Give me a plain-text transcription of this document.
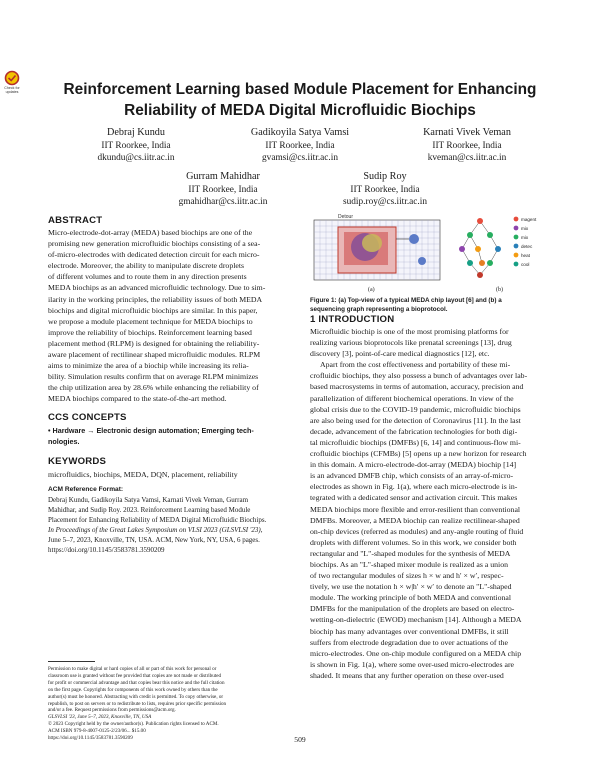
Check for updates	Reinforcement Learning based Module Placement for Enhancing
Reliability of MEDA Digital Microfluidic Biochips
Debraj Kundu
IIT Roorkee, India
dkundu@cs.iitr.ac.in
Gadikoyila Satya Vamsi
IIT Roorkee, India
gvamsi@cs.iitr.ac.in
Karnati Vivek Veman
IIT Roorkee, India
kveman@cs.iitr.ac.in
Gurram Mahidhar
IIT Roorkee, India
gmahidhar@cs.iitr.ac.in
Sudip Roy
IIT Roorkee, India
sudip.roy@cs.iitr.ac.in
ABSTRACT

Micro-electrode-dot-array (MEDA) based biochips are one of the

promising new generation microfluidic biochips consisting of a sea-

of-micro-electrodes with dedicated detection circuit for each micro-

electrode. Moreover, the ability to manipulate discrete droplets

of different volumes and to route them in any direction presents

MEDA biochips as an advanced microfluidic technology. Due to sim-

ilarity in the working principles, the reliability issues of both MEDA

biochips and digital microfluidic biochips are similar. In this paper,

we propose a module placement technique for MEDA biochips to

improve the reliability of biochips. Reinforcement learning based

placement method (RLPM) is designed for obtaining the reliability-

aware placement of rectilinear shaped microfluidic modules. RLPM

aims to minimize the area of a biochip while increasing its relia-

bility. Simulation results confirm that on average RLPM minimizes

the chip utilization area by 28.6% while enhancing the reliability of

MEDA biochips compared to the state-of-the-art method.

CCS CONCEPTS

• Hardware → Electronic design automation; Emerging tech-

nologies.

KEYWORDS
microfluidics, biochips, MEDA, DQN, placement, reliability
ACM Reference Format:
Debraj Kundu, Gadikoyila Satya Vamsi, Karnati Vivek Veman, Gurram
Mahidhar, and Sudip Roy. 2023. Reinforcement Learning based Module
Placement for Enhancing Reliability of MEDA Digital Microfluidic Biochips.
In Proceedings of the Great Lakes Symposium on VLSI 2023 (GLSVLSI '23),
June 5–7, 2023, Knoxville, TN, USA. ACM, New York, NY, USA, 6 pages.
https://doi.org/10.1145/3583781.3590209
Permission to make digital or hard copies of all or part of this work for personal or
classroom use is granted without fee provided that copies are not made or distributed
for profit or commercial advantage and that copies bear this notice and the full citation
on the first page. Copyrights for components of this work owned by others than the
author(s) must be honored. Abstracting with credit is permitted. To copy otherwise, or
republish, to post on servers or to redistribute to lists, requires prior specific permission
and/or a fee. Request permissions from permissions@acm.org.
GLSVLSI '23, June 5–7, 2023, Knoxville, TN, USA
© 2023 Copyright held by the owner/author(s). Publication rights licensed to ACM.
ACM ISBN 979-8-4007-0125-2/23/06... $15.00
https://doi.org/10.1145/3583781.3590209
Detour
(a)
magent
mix
mix
detec
heat
cool
(b)
Figure 1: (a) Top-view of a typical MEDA chip layout [6] and (b) a
sequencing graph representing a bioprotocol.
1 INTRODUCTION

Microfluidic biochip is one of the most promising platforms for

realizing various bioprotocols like prenatal screenings [13], drug

discovery [3], point-of-care medical diagnostics [12], etc.

Apart from the cost effectiveness and portability of these mi-

crofluidic biochips, they also possess a bunch of advantages over lab-

based macrosystems in terms of automation, accuracy, precision and

parallelization of different biochemical operations. In view of the

global crisis due to the COVID-19 pandemic, microfluidic biochips

are also being used for the detection of Coronavirus [11]. In the last

decade, advancement of the fabrication technologies for both digi-

tal microfluidic biochips (DMFBs) [6, 14] and continuous-flow mi-

crofluidic biochips (CFMBs) [5] opens up a new horizon for research

in this domain. A micro-electrode-dot-array (MEDA) biochip [14]

is an advanced DMFB chip, which consists of an array-of-micro-

electrodes as shown in Fig. 1(a), where each micro-electrode is in-

tegrated with a dedicated sensor and activation circuit. This makes

MEDA biochips more flexible and error-resilient than conventional

DMFBs. Moreover, a MEDA biochip can realize rectilinear-shaped

on-chip devices (referred as modules) and any-angle routing of fluid

droplets with different volumes. So in this work, we consider both

rectangular and "L"-shaped modules for the synthesis of MEDA

biochips. As an "L"-shaped mixer module is realized as a union

of two rectangular modules of sizes h × w and h′ × w′, respec-

tively, we use the notation h × w|h′ × w′ to denote an "L"-shaped

module. The working principle of both MEDA and conventional

DMFBs for the manipulation of the droplets are based on electro-

wetting-on-dielectric (EWOD) mechanism [14]. Although a MEDA

biochip has many advantages over conventional DMFBs, it still

suffers from electrode degradation due to over actuations of the

micro-electrodes. One on-chip module configured on a MEDA chip

is shown in Fig. 1(a), where some over-used micro-electrodes are

shaded. It means that any further operation on these over-used

509
